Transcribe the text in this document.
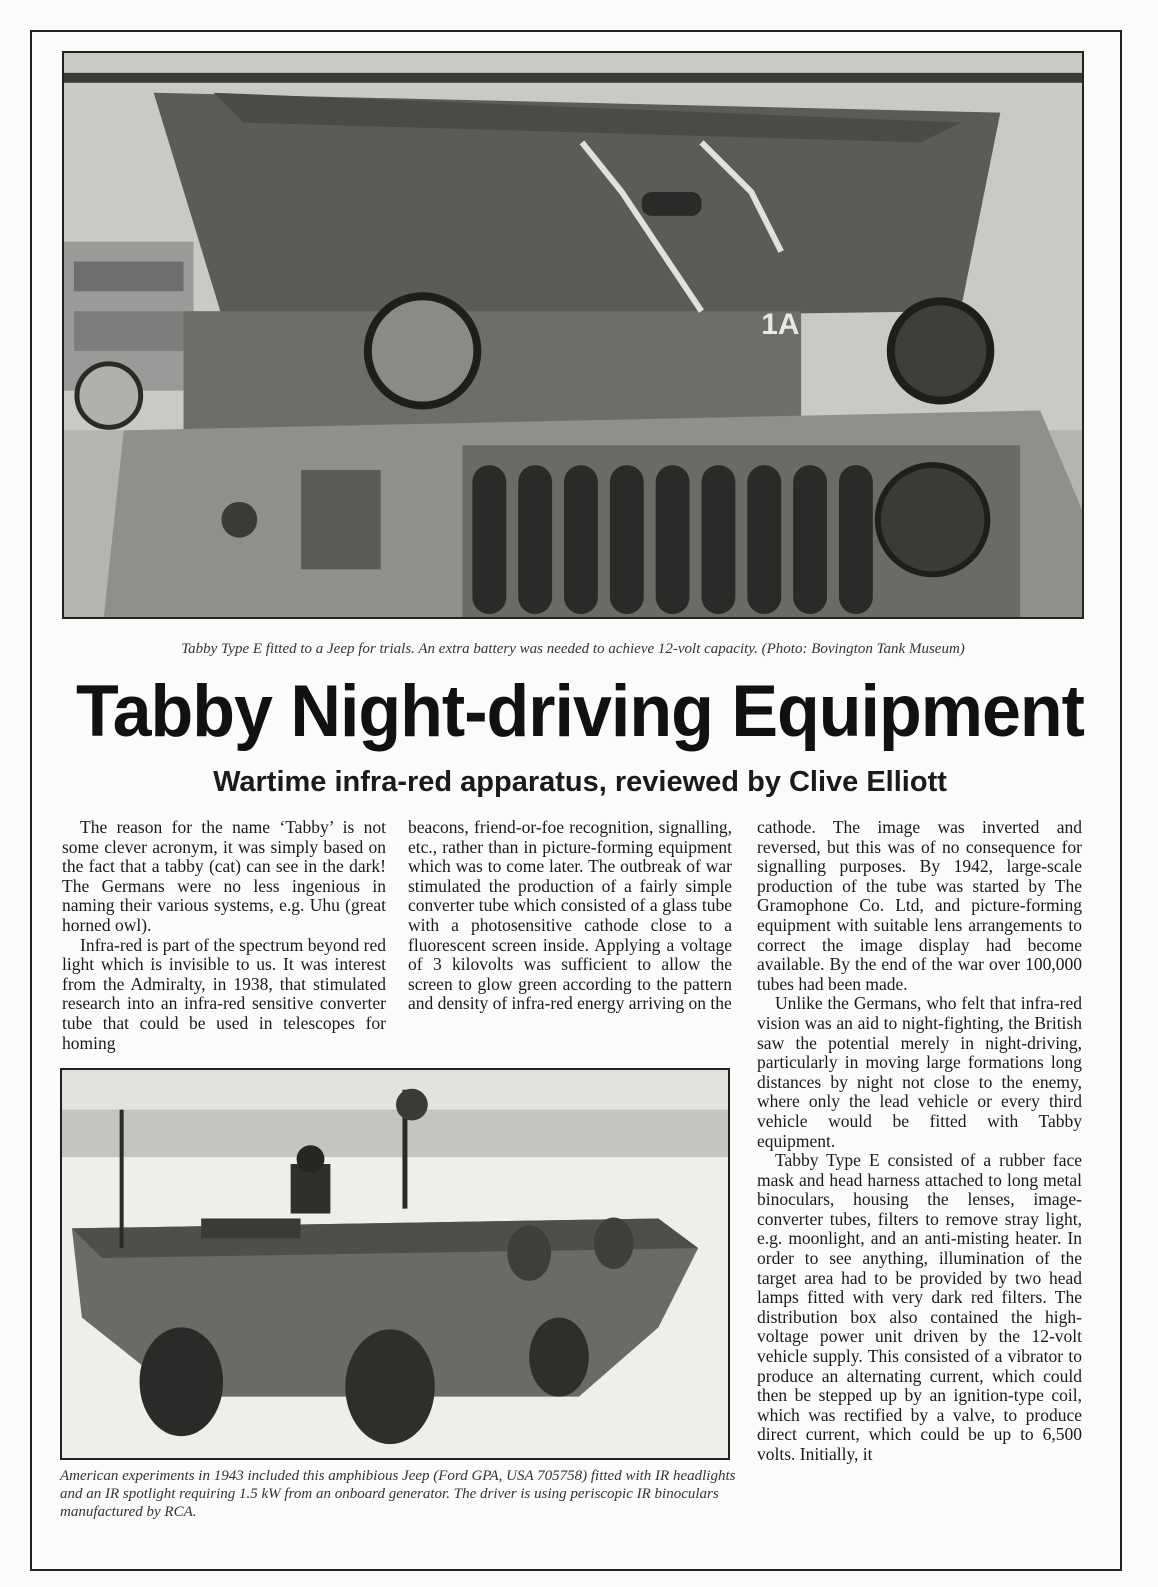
1A
Tabby Type E fitted to a Jeep for trials. An extra battery was needed to achieve 12-volt capacity. (Photo: Bovington Tank Museum)
Tabby Night-driving Equipment
Wartime infra-red apparatus, reviewed by Clive Elliott

The reason for the name ‘Tabby’ is not some clever acronym, it was simply based on the fact that a tabby (cat) can see in the dark! The Germans were no less ingenious in naming their various systems, e.g. Uhu (great horned owl).

Infra-red is part of the spectrum beyond red light which is invisible to us. It was interest from the Admiralty, in 1938, that stimulated research into an infra-red sensitive converter tube that could be used in telescopes for homing

beacons, friend-or-foe recognition, signalling, etc., rather than in picture-forming equipment which was to come later. The outbreak of war stimulated the production of a fairly simple converter tube which consisted of a glass tube with a photosensitive cathode close to a fluorescent screen inside. Applying a voltage of 3 kilovolts was sufficient to allow the screen to glow green according to the pattern and density of infra-red energy arriving on the

cathode. The image was inverted and reversed, but this was of no consequence for signalling purposes. By 1942, large-scale production of the tube was started by The Gramophone Co. Ltd, and picture-forming equipment with suitable lens arrangements to correct the image display had become available. By the end of the war over 100,000 tubes had been made.

Unlike the Germans, who felt that infra-red vision was an aid to night-fighting, the British saw the potential merely in night-driving, particularly in moving large formations long distances by night not close to the enemy, where only the lead vehicle or every third vehicle would be fitted with Tabby equipment.

Tabby Type E consisted of a rubber face mask and head harness attached to long metal binoculars, housing the lenses, image-converter tubes, filters to remove stray light, e.g. moonlight, and an anti-misting heater. In order to see anything, illumination of the target area had to be provided by two head lamps fitted with very dark red filters. The distribution box also contained the high-voltage power unit driven by the 12-volt vehicle supply. This consisted of a vibrator to produce an alternating current, which could then be stepped up by an ignition-type coil, which was rectified by a valve, to produce direct current, which could be up to 6,500 volts. Initially, it

American experiments in 1943 included this amphibious Jeep (Ford GPA, USA 705758) fitted with IR headlights and an IR spotlight requiring 1.5 kW from an onboard generator. The driver is using periscopic IR binoculars manufactured by RCA.
